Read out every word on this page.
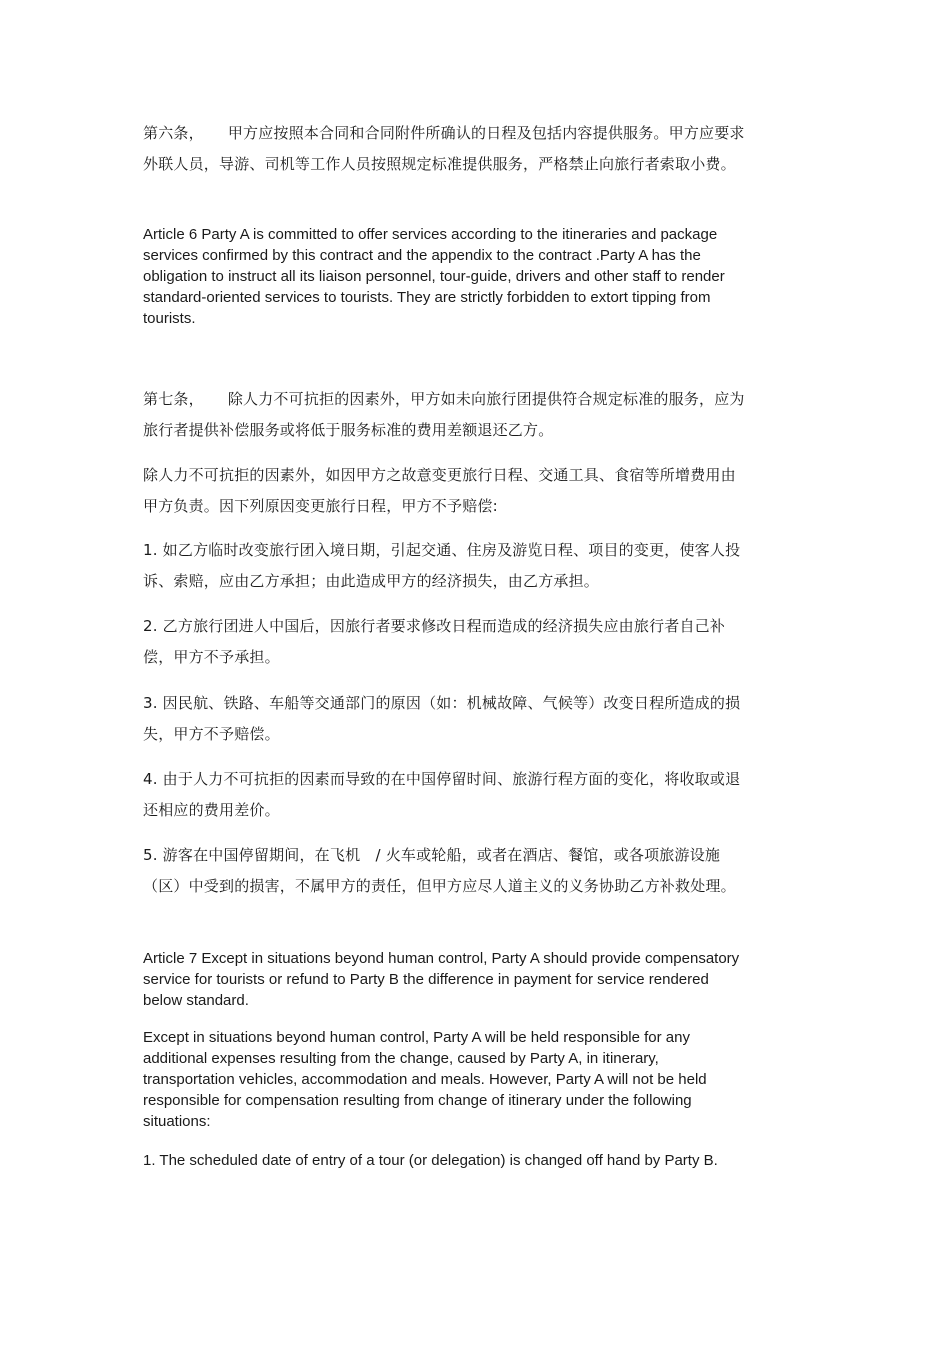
第六条， 甲方应按照本合同和合同附件所确认的日程及包括内容提供服务。甲方应要求外联人员，导游、司机等工作人员按照规定标准提供服务，严格禁止向旅行者索取小费。

Article 6 Party A is committed to offer services according to the itineraries and package services confirmed by this contract and the appendix to the contract .Party A has the obligation to instruct all its liaison personnel, tour-guide, drivers and other staff to render standard-oriented services to tourists. They are strictly forbidden to extort tipping from tourists.

第七条， 除人力不可抗拒的因素外，甲方如未向旅行团提供符合规定标准的服务，应为旅行者提供补偿服务或将低于服务标准的费用差额退还乙方。

除人力不可抗拒的因素外，如因甲方之故意变更旅行日程、交通工具、食宿等所增费用由甲方负责。因下列原因变更旅行日程，甲方不予赔偿:

1. 如乙方临时改变旅行团入境日期，引起交通、住房及游览日程、项目的变更，使客人投诉、索赔，应由乙方承担；由此造成甲方的经济损失，由乙方承担。

2. 乙方旅行团进人中国后，因旅行者要求修改日程而造成的经济损失应由旅行者自己补偿，甲方不予承担。

3. 因民航、铁路、车船等交通部门的原因（如：机械故障、气候等）改变日程所造成的损失，甲方不予赔偿。

4. 由于人力不可抗拒的因素而导致的在中国停留时间、旅游行程方面的变化，将收取或退还相应的费用差价。

5. 游客在中国停留期间，在飞机　/ 火车或轮船，或者在酒店、餐馆，或各项旅游设施（区）中受到的损害，不属甲方的责任，但甲方应尽人道主义的义务协助乙方补救处理。

Article 7 Except in situations beyond human control, Party A should provide compensatory service for tourists or refund to Party B the difference in payment for service rendered below standard.

Except in situations beyond human control, Party A will be held responsible for any additional expenses resulting from the change, caused by Party A, in itinerary, transportation vehicles, accommodation and meals. However, Party A will not be held responsible for compensation resulting from change of itinerary under the following situations:

1. The scheduled date of entry of a tour (or delegation) is changed off hand by Party B.
